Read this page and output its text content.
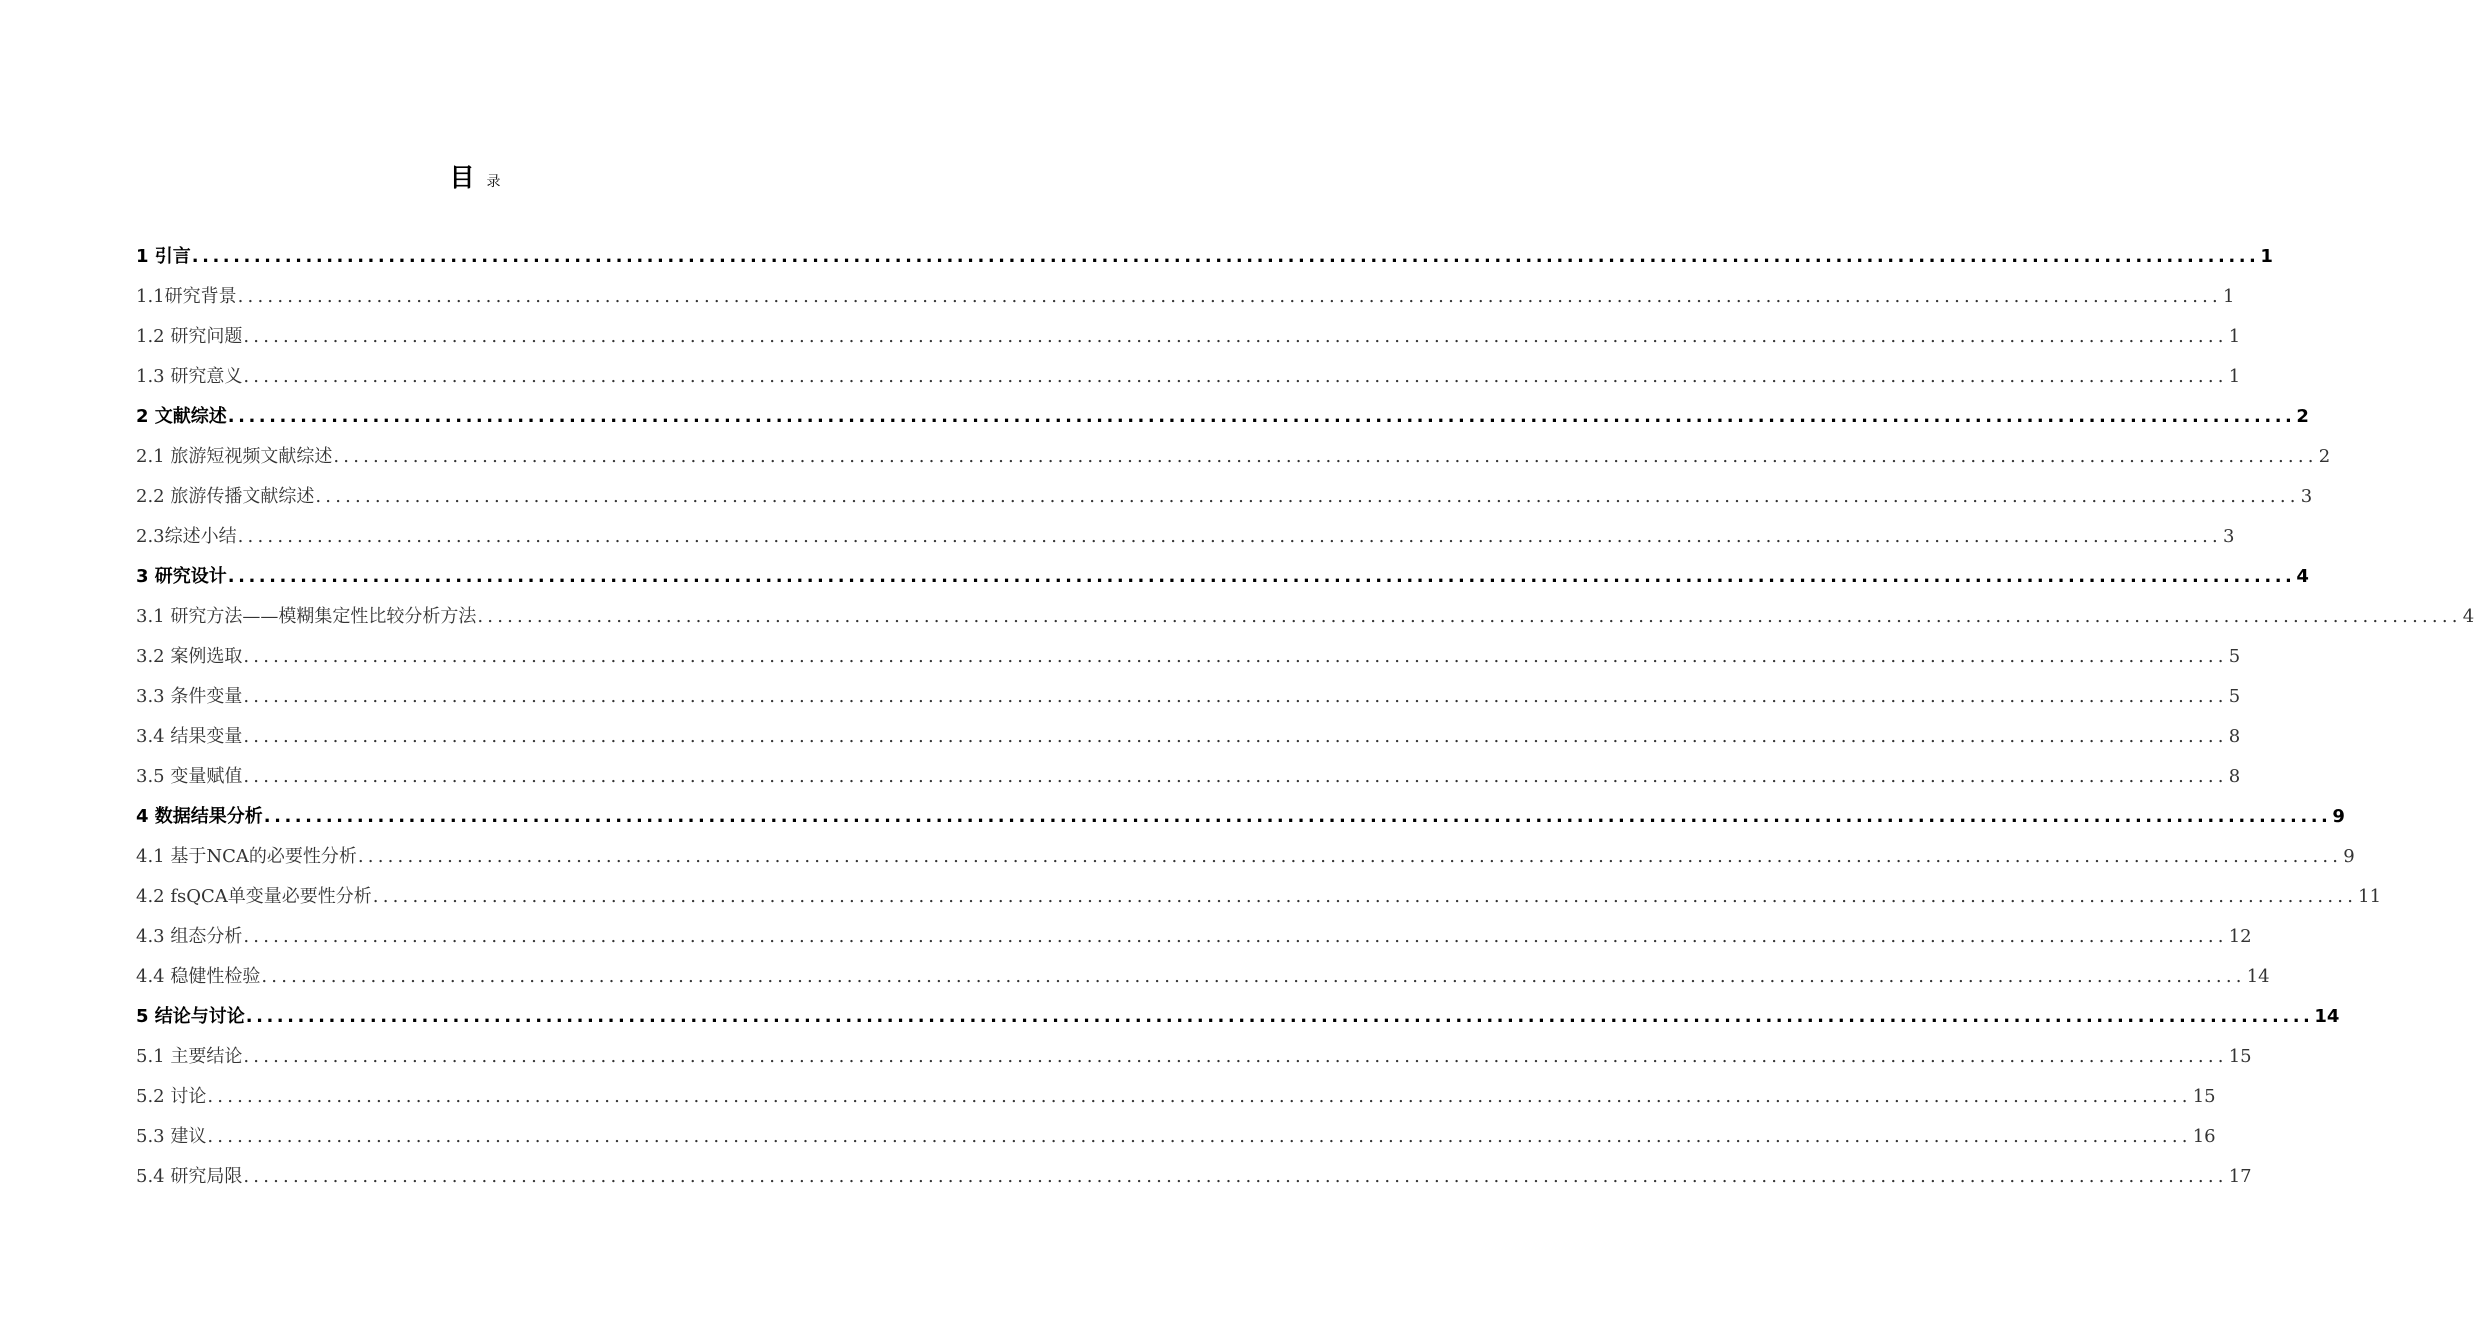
目录
1 引言 ........................................................................................................................................................................................................ 1
1.1研究背景 ........................................................................................................................................................................................................ 1
1.2 研究问题 ........................................................................................................................................................................................................ 1
1.3 研究意义 ........................................................................................................................................................................................................ 1
2 文献综述 ........................................................................................................................................................................................................ 2
2.1 旅游短视频文献综述 ........................................................................................................................................................................................................ 2
2.2 旅游传播文献综述 ........................................................................................................................................................................................................ 3
2.3综述小结 ........................................................................................................................................................................................................ 3
3 研究设计 ........................................................................................................................................................................................................ 4
3.1 研究方法——模糊集定性比较分析方法 ........................................................................................................................................................................................................ 4
3.2 案例选取 ........................................................................................................................................................................................................ 5
3.3 条件变量 ........................................................................................................................................................................................................ 5
3.4 结果变量 ........................................................................................................................................................................................................ 8
3.5 变量赋值 ........................................................................................................................................................................................................ 8
4 数据结果分析 ........................................................................................................................................................................................................ 9
4.1 基于NCA的必要性分析 ........................................................................................................................................................................................................ 9
4.2 fsQCA单变量必要性分析 ........................................................................................................................................................................................................ 11
4.3 组态分析 ........................................................................................................................................................................................................ 12
4.4 稳健性检验 ........................................................................................................................................................................................................ 14
5 结论与讨论 ........................................................................................................................................................................................................ 14
5.1 主要结论 ........................................................................................................................................................................................................ 15
5.2 讨论 ........................................................................................................................................................................................................ 15
5.3 建议 ........................................................................................................................................................................................................ 16
5.4 研究局限 ........................................................................................................................................................................................................ 17
